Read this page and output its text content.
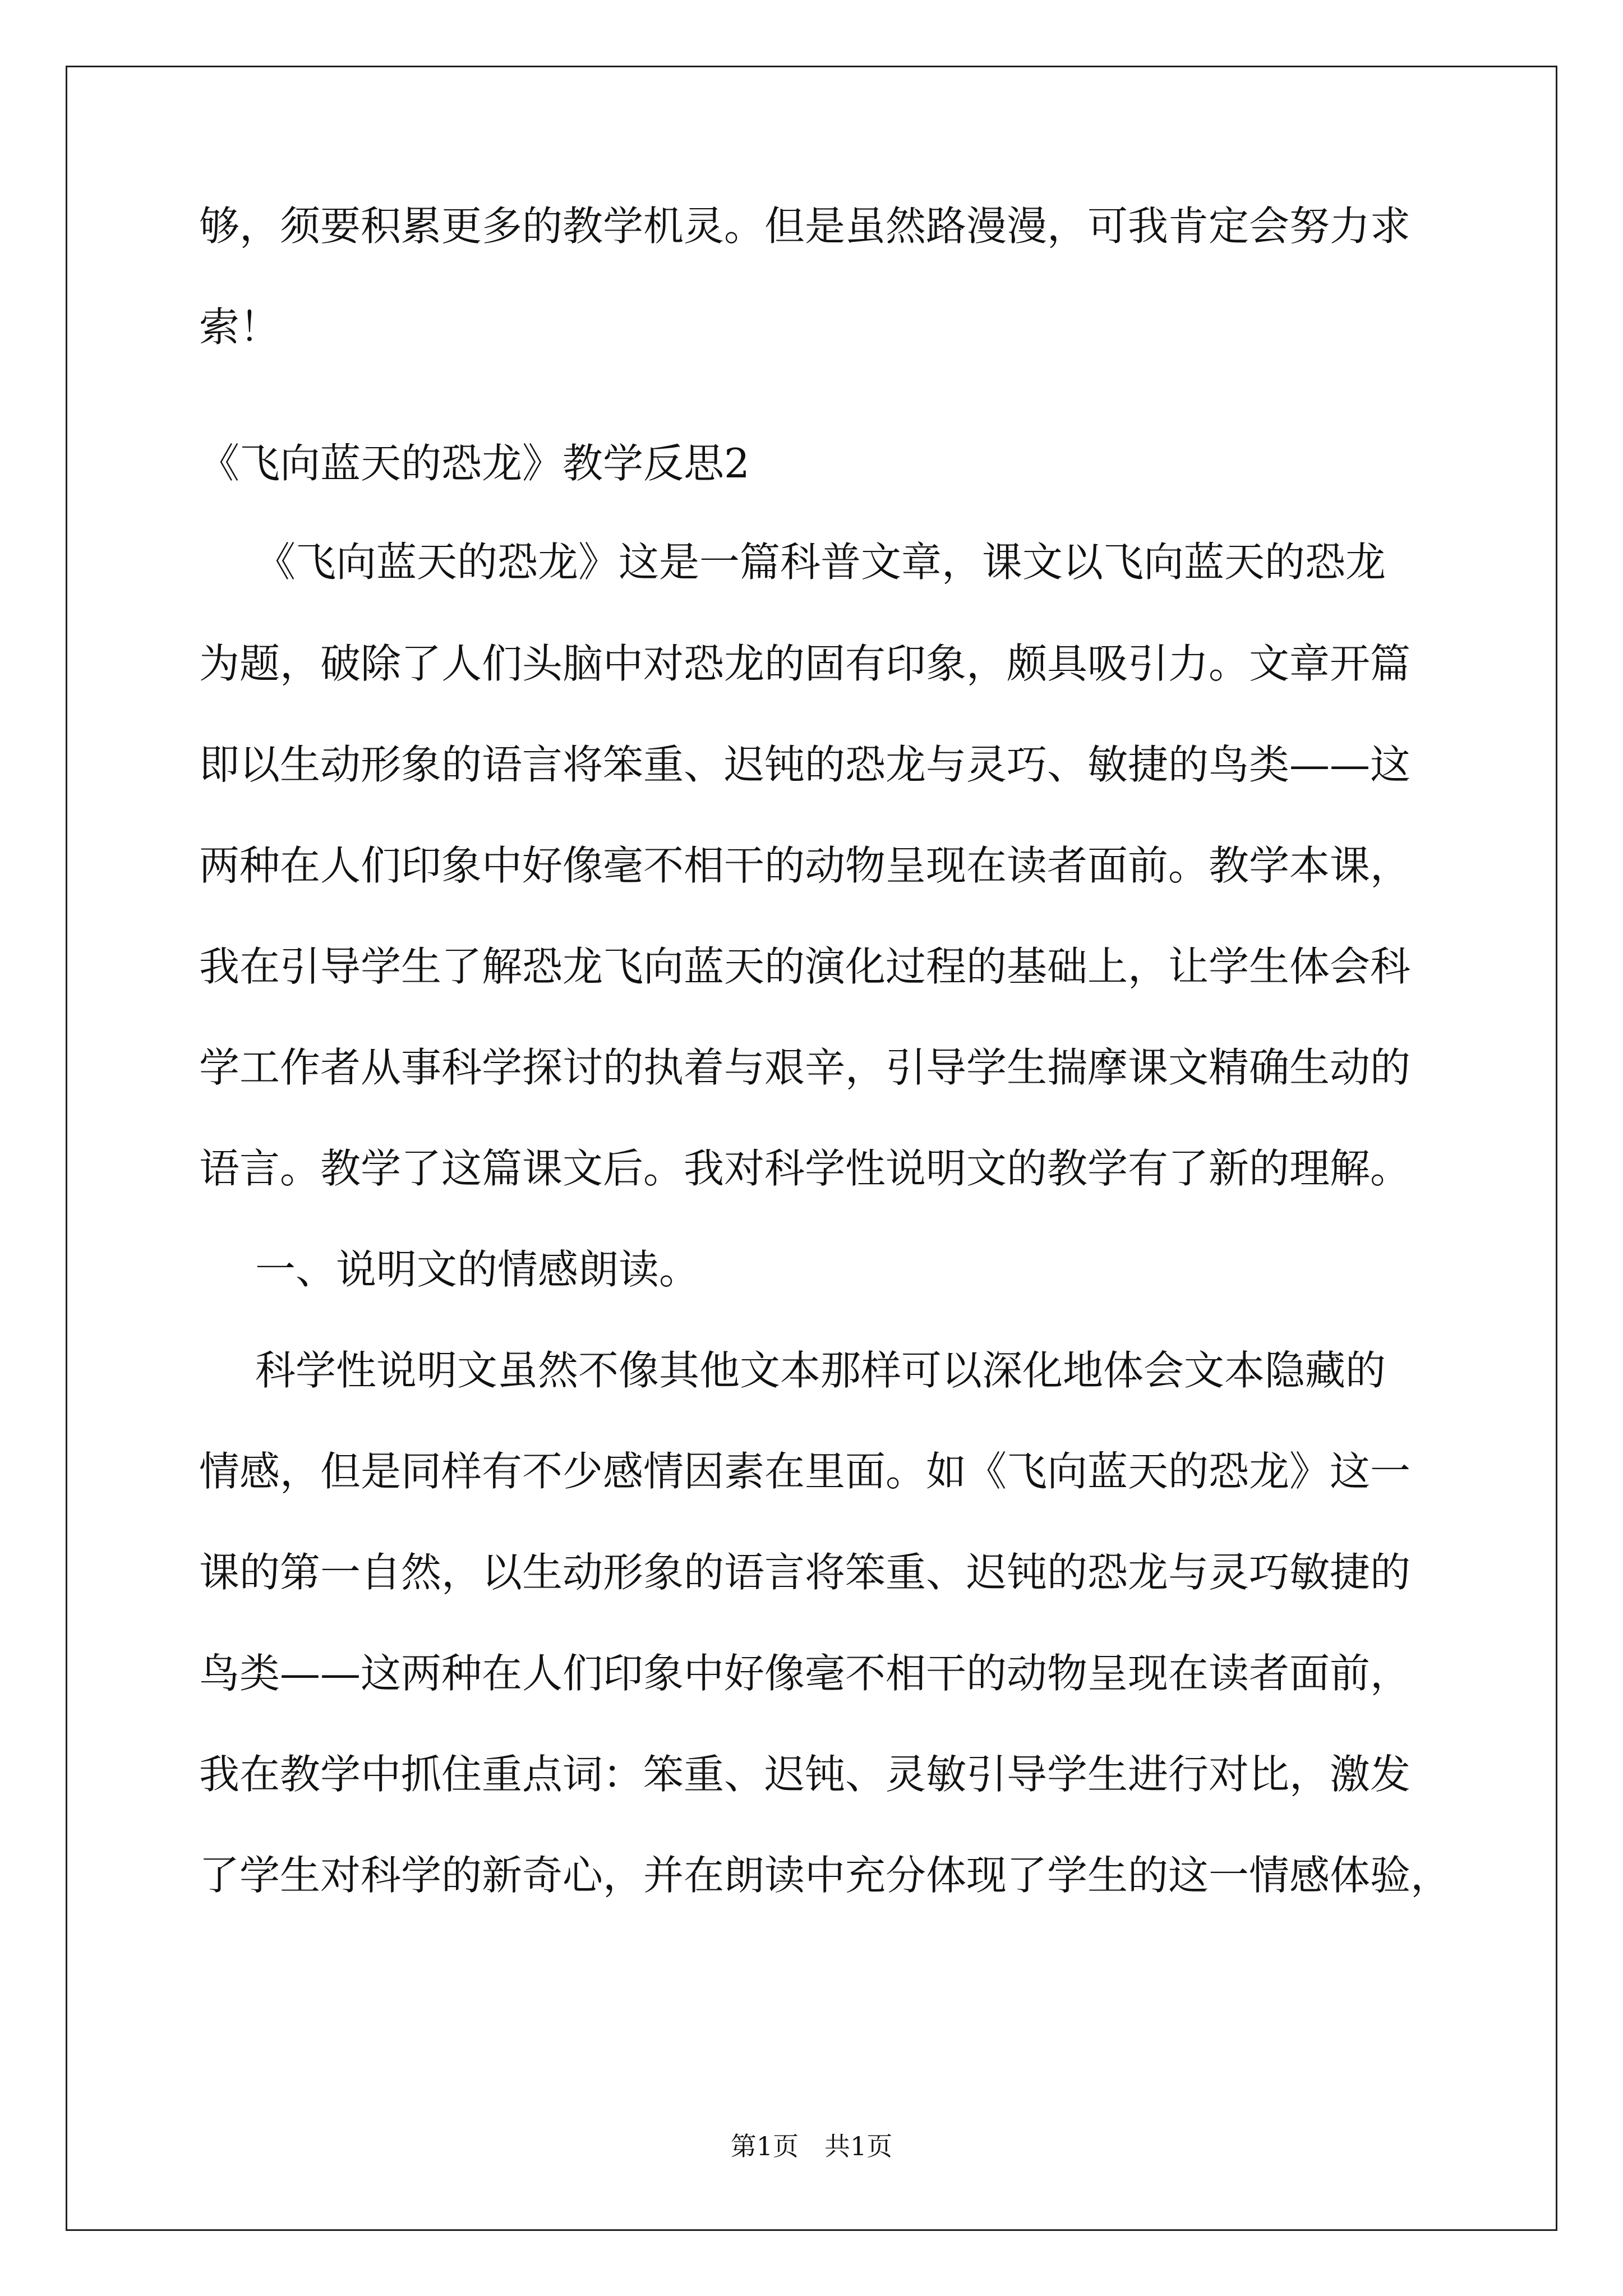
够，须要积累更多的教学机灵。但是虽然路漫漫，可我肯定会努力求
索！
《飞向蓝天的恐龙》教学反思2
《飞向蓝天的恐龙》这是一篇科普文章，课文以飞向蓝天的恐龙
为题，破除了人们头脑中对恐龙的固有印象，颇具吸引力。文章开篇
即以生动形象的语言将笨重、迟钝的恐龙与灵巧、敏捷的鸟类——这
两种在人们印象中好像毫不相干的动物呈现在读者面前。教学本课，
我在引导学生了解恐龙飞向蓝天的演化过程的基础上，让学生体会科
学工作者从事科学探讨的执着与艰辛，引导学生揣摩课文精确生动的
语言。教学了这篇课文后。我对科学性说明文的教学有了新的理解。
一、说明文的情感朗读。
科学性说明文虽然不像其他文本那样可以深化地体会文本隐藏的
情感，但是同样有不少感情因素在里面。如《飞向蓝天的恐龙》这一
课的第一自然，以生动形象的语言将笨重、迟钝的恐龙与灵巧敏捷的
鸟类——这两种在人们印象中好像毫不相干的动物呈现在读者面前，
我在教学中抓住重点词：笨重、迟钝、灵敏引导学生进行对比，激发
了学生对科学的新奇心，并在朗读中充分体现了学生的这一情感体验，
第1页　共1页
